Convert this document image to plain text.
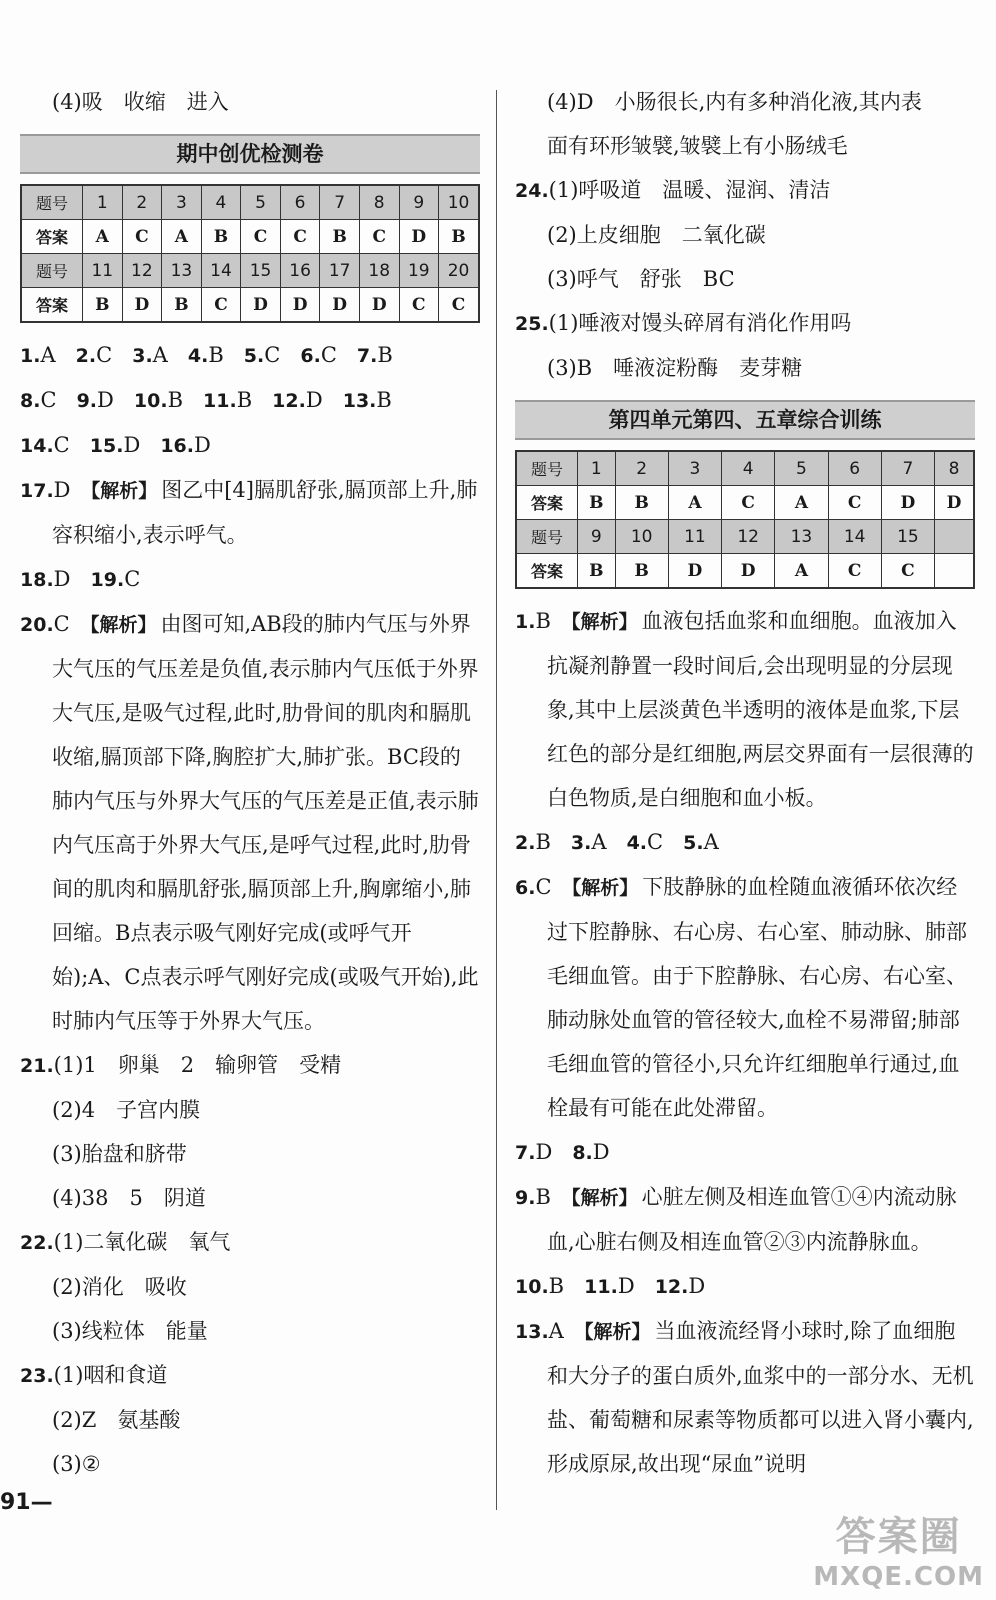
(4)吸　收缩　进入
期中创优检测卷
题号	1	2	3	4	5	6	7	8	9	10
答案	A	C	A	B	C	C	B	C	D	B
题号	11	12	13	14	15	16	17	18	19	20
答案	B	D	B	C	D	D	D	D	C	C
1.A 2.C 3.A 4.B 5.C 6.C 7.B
8.C 9.D 10.B 11.B 12.D 13.B
14.C 15.D 16.D
17.D 【解析】 图乙中[4]膈肌舒张,膈顶部上升,肺容积缩小,表示呼气。
18.D 19.C
20.C 【解析】 由图可知,AB段的肺内气压与外界大气压的气压差是负值,表示肺内气压低于外界大气压,是吸气过程,此时,肋骨间的肌肉和膈肌收缩,膈顶部下降,胸腔扩大,肺扩张。BC段的肺内气压与外界大气压的气压差是正值,表示肺内气压高于外界大气压,是呼气过程,此时,肋骨间的肌肉和膈肌舒张,膈顶部上升,胸廓缩小,肺回缩。B点表示吸气刚好完成(或呼气开始);A、C点表示呼气刚好完成(或吸气开始),此时肺内气压等于外界大气压。
21.(1)1　卵巢　2　输卵管　受精
(2)4　子宫内膜
(3)胎盘和脐带
(4)38　5　阴道
22.(1)二氧化碳　氧气
(2)消化　吸收
(3)线粒体　能量
23.(1)咽和食道
(2)Z　氨基酸
(3)②
(4)D　小肠很长,内有多种消化液,其内表
面有环形皱襞,皱襞上有小肠绒毛
24.(1)呼吸道　温暖、湿润、清洁
(2)上皮细胞　二氧化碳
(3)呼气　舒张　BC
25.(1)唾液对馒头碎屑有消化作用吗
(3)B　唾液淀粉酶　麦芽糖
第四单元第四、五章综合训练
题号	1	2	3	4	5	6	7	8
答案	B	B	A	C	A	C	D	D
题号	9	10	11	12	13	14	15	
答案	B	B	D	D	A	C	C	
1.B 【解析】 血液包括血浆和血细胞。血液加入抗凝剂静置一段时间后,会出现明显的分层现象,其中上层淡黄色半透明的液体是血浆,下层红色的部分是红细胞,两层交界面有一层很薄的白色物质,是白细胞和血小板。
2.B 3.A 4.C 5.A
6.C 【解析】 下肢静脉的血栓随血液循环依次经过下腔静脉、右心房、右心室、肺动脉、肺部毛细血管。由于下腔静脉、右心房、右心室、肺动脉处血管的管径较大,血栓不易滞留;肺部毛细血管的管径小,只允许红细胞单行通过,血栓最有可能在此处滞留。
7.D 8.D
9.B 【解析】 心脏左侧及相连血管①④内流动脉血,心脏右侧及相连血管②③内流静脉血。
10.B 11.D 12.D
13.A 【解析】 当血液流经肾小球时,除了血细胞和大分子的蛋白质外,血浆中的一部分水、无机盐、葡萄糖和尿素等物质都可以进入肾小囊内,形成原尿,故出现“尿血”说明
91—
答案圈
MXQE.COM
